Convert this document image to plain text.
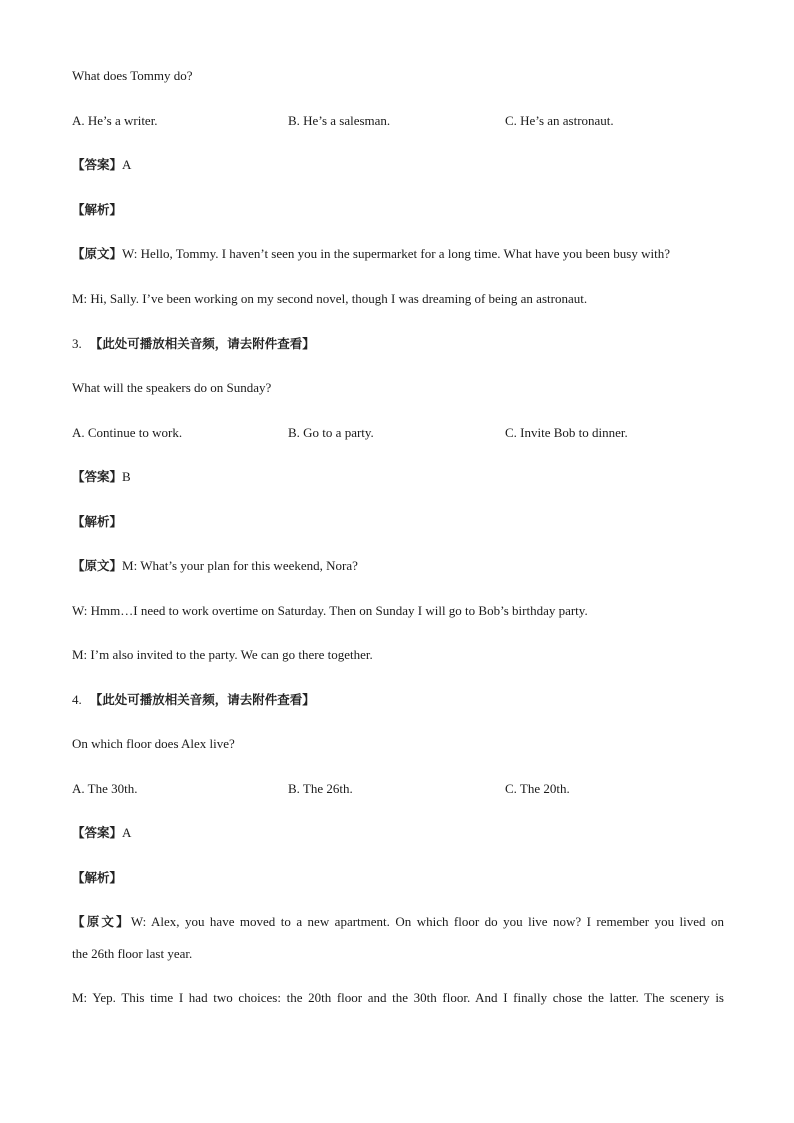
What does Tommy do?
A. He’s a writer.	B. He’s a salesman.	C. He’s an astronaut.
【答案】A
【解析】
【原文】W: Hello, Tommy. I haven’t seen you in the supermarket for a long time. What have you been busy with?
M: Hi, Sally. I’ve been working on my second novel, though I was dreaming of being an astronaut.
3. 【此处可播放相关音频，请去附件查看】
What will the speakers do on Sunday?
A. Continue to work.	B. Go to a party.	C. Invite Bob to dinner.
【答案】B
【解析】
【原文】M: What’s your plan for this weekend, Nora?
W: Hmm…I need to work overtime on Saturday. Then on Sunday I will go to Bob’s birthday party.
M: I’m also invited to the party. We can go there together.
4. 【此处可播放相关音频，请去附件查看】
On which floor does Alex live?
A. The 30th.	B. The 26th.	C. The 20th.
【答案】A
【解析】
【原文】W: Alex, you have moved to a new apartment. On which floor do you live now? I remember you lived on
the 26th floor last year.
M: Yep. This time I had two choices: the 20th floor and the 30th floor. And I finally chose the latter. The scenery is
